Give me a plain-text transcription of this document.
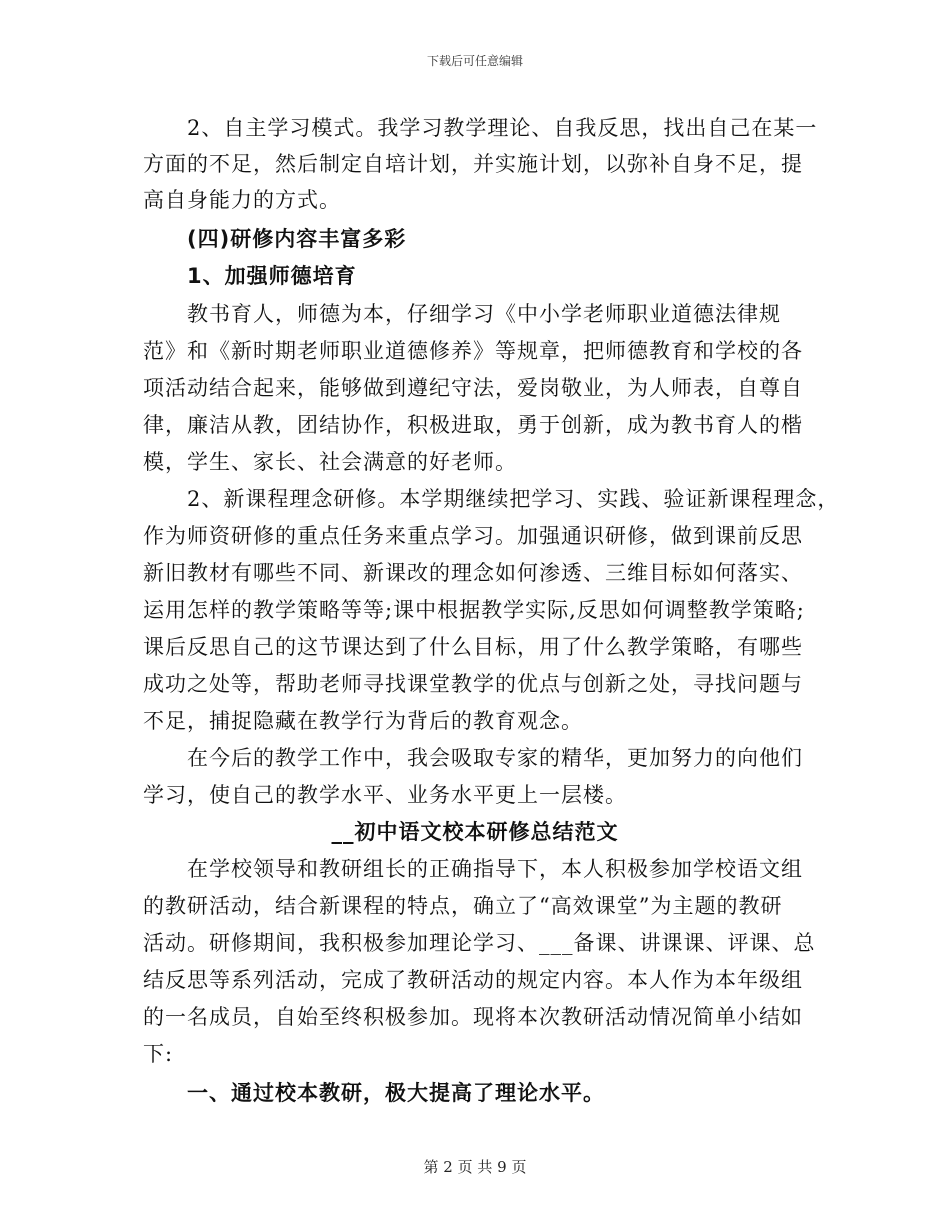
下载后可任意编辑
2、自主学习模式。我学习教学理论、自我反思，找出自己在某一
方面的不足，然后制定自培计划，并实施计划，以弥补自身不足，提
高自身能力的方式。
(四)研修内容丰富多彩
1、加强师德培育
教书育人，师德为本，仔细学习《中小学老师职业道德法律规
范》和《新时期老师职业道德修养》等规章，把师德教育和学校的各
项活动结合起来，能够做到遵纪守法，爱岗敬业，为人师表，自尊自
律，廉洁从教，团结协作，积极进取，勇于创新，成为教书育人的楷
模，学生、家长、社会满意的好老师。
2、新课程理念研修。本学期继续把学习、实践、验证新课程理念，
作为师资研修的重点任务来重点学习。加强通识研修，做到课前反思
新旧教材有哪些不同、新课改的理念如何渗透、三维目标如何落实、
运用怎样的教学策略等等;课中根据教学实际,反思如何调整教学策略;
课后反思自己的这节课达到了什么目标，用了什么教学策略，有哪些
成功之处等，帮助老师寻找课堂教学的优点与创新之处，寻找问题与
不足，捕捉隐藏在教学行为背后的教育观念。
在今后的教学工作中，我会吸取专家的精华，更加努力的向他们
学习，使自己的教学水平、业务水平更上一层楼。
__初中语文校本研修总结范文
在学校领导和教研组长的正确指导下，本人积极参加学校语文组
的教研活动，结合新课程的特点，确立了“高效课堂”为主题的教研
活动。研修期间，我积极参加理论学习、___备课、讲课课、评课、总
结反思等系列活动，完成了教研活动的规定内容。本人作为本年级组
的一名成员，自始至终积极参加。现将本次教研活动情况简单小结如
下:
一、通过校本教研，极大提高了理论水平。
第 2 页 共 9 页
